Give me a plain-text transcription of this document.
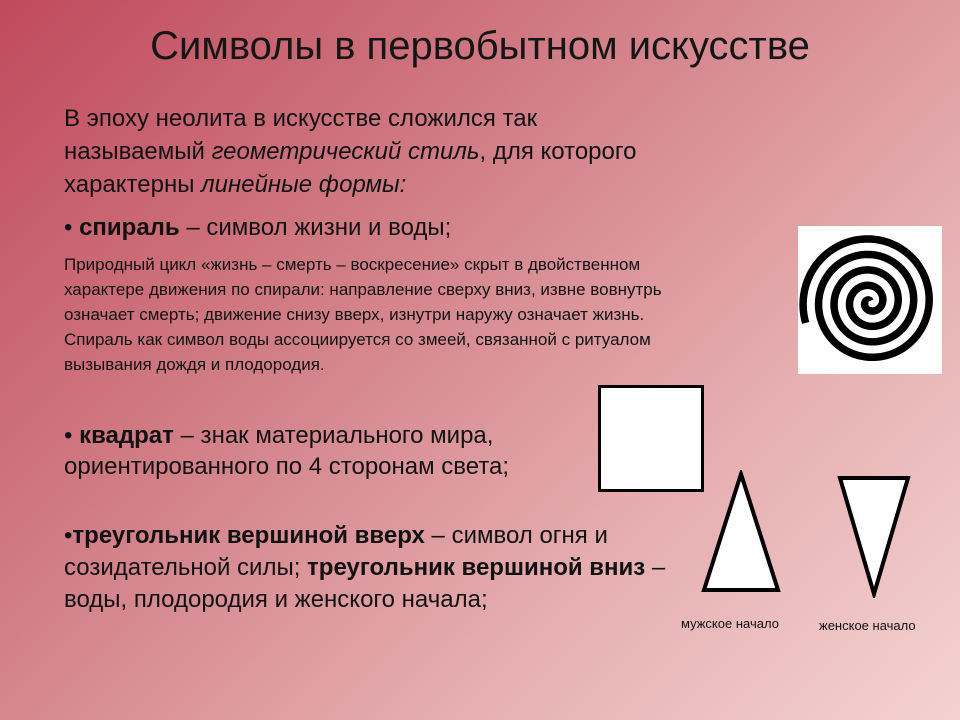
Символы в первобытном искусстве

В эпоху неолита в искусстве сложился так называемый геометрический стиль, для которого характерны линейные формы:

• спираль – символ жизни и воды;

Природный цикл «жизнь – смерть – воскресение» скрыт в двойственном характере движения по спирали: направление сверху вниз, извне вовнутрь означает смерть; движение снизу вверх, изнутри наружу означает жизнь. Спираль как символ воды ассоциируется со змеей, связанной с ритуалом вызывания дождя и плодородия.

• квадрат – знак материального мира, ориентированного по 4 сторонам света;

•треугольник вершиной вверх – символ огня и созидательной силы; треугольник вершиной вниз – воды, плодородия и женского начала;

мужское начало	женское начало
